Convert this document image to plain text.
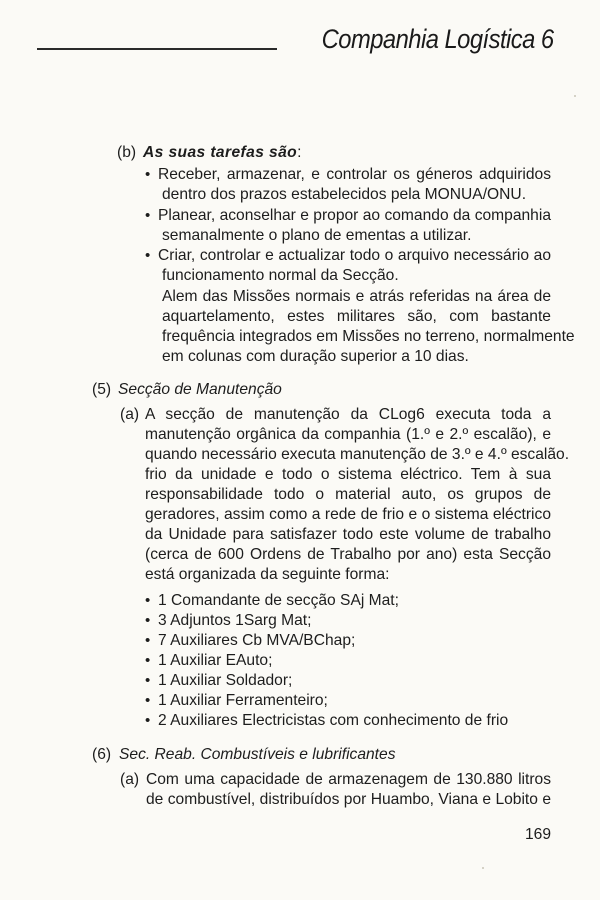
Companhia Logística 6
(b) As suas tarefas são:
• Receber, armazenar, e controlar os géneros adquiridos
dentro dos prazos estabelecidos pela MONUA/ONU.
• Planear, aconselhar e propor ao comando da companhia
semanalmente o plano de ementas a utilizar.
• Criar, controlar e actualizar todo o arquivo necessário ao
funcionamento normal da Secção.
Alem das Missões normais e atrás referidas na área de
aquartelamento, estes militares são, com bastante
frequência integrados em Missões no terreno, normalmente
em colunas com duração superior a 10 dias.
(5) Secção de Manutenção
(a) A secção de manutenção da CLog6 executa toda a
manutenção orgânica da companhia (1.º e 2.º escalão), e
quando necessário executa manutenção de 3.º e 4.º escalão.
frio da unidade e todo o sistema eléctrico. Tem à sua
responsabilidade todo o material auto, os grupos de
geradores, assim como a rede de frio e o sistema eléctrico
da Unidade para satisfazer todo este volume de trabalho
(cerca de 600 Ordens de Trabalho por ano) esta Secção
está organizada da seguinte forma:
• 1 Comandante de secção SAj Mat;
• 3 Adjuntos 1Sarg Mat;
• 7 Auxiliares Cb MVA/BChap;
• 1 Auxiliar EAuto;
• 1 Auxiliar Soldador;
• 1 Auxiliar Ferramenteiro;
• 2 Auxiliares Electricistas com conhecimento de frio
(6) Sec. Reab. Combustíveis e lubrificantes
(a) Com uma capacidade de armazenagem de 130.880 litros
de combustível, distribuídos por Huambo, Viana e Lobito e
169
